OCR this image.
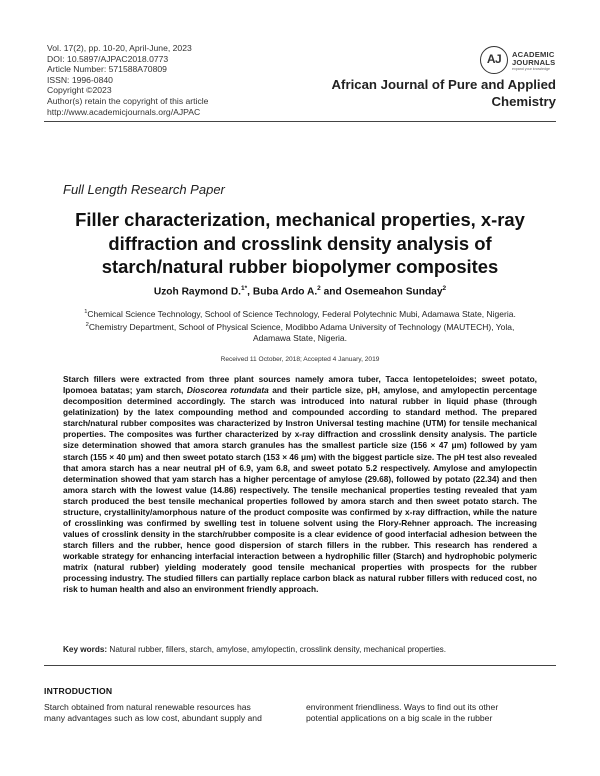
Vol. 17(2), pp. 10-20, April-June, 2023
DOI: 10.5897/AJPAC2018.0773
Article Number: 571588A70809
ISSN: 1996-0840
Copyright ©2023
Author(s) retain the copyright of this article
http://www.academicjournals.org/AJPAC
AJ	ACADEMIC
JOURNALS
expand your knowledge
African Journal of Pure and Applied
Chemistry
Full Length Research Paper
Filler characterization, mechanical properties, x-ray
diffraction and crosslink density analysis of
starch/natural rubber biopolymer composites
Uzoh Raymond D.$^{1*}$, Buba Ardo A.$^2$ and Osemeahon Sunday$^2$
$^1$Chemical Science Technology, School of Science Technology, Federal Polytechnic Mubi, Adamawa State, Nigeria.
$^2$Chemistry Department, School of Physical Science, Modibbo Adama University of Technology (MAUTECH), Yola,
Adamawa State, Nigeria.
Received 11 October, 2018; Accepted 4 January, 2019
Starch fillers were extracted from three plant sources namely amora tuber, Tacca lentopeteloides; sweet potato, Ipomoea batatas; yam starch, Dioscorea rotundata and their particle size, pH, amylose, and amylopectin percentage decomposition determined accordingly. The starch was introduced into natural rubber in liquid phase (through gelatinization) by the latex compounding method and compounded according to standard method. The prepared starch/natural rubber composites was characterized by Instron Universal testing machine (UTM) for tensile mechanical properties. The composites was further characterized by x-ray diffraction and crosslink density analysis. The particle size determination showed that amora starch granules has the smallest particle size (156 × 47 μm) followed by yam starch (155 × 40 μm) and then sweet potato starch (153 × 46 μm) with the biggest particle size. The pH test also revealed that amora starch has a near neutral pH of 6.9, yam 6.8, and sweet potato 5.2 respectively. Amylose and amylopectin determination showed that yam starch has a higher percentage of amylose (29.68), followed by potato (22.34) and then amora starch with the lowest value (14.86) respectively. The tensile mechanical properties testing revealed that yam starch produced the best tensile mechanical properties followed by amora starch and then sweet potato starch. The structure, crystallinity/amorphous nature of the product composite was confirmed by x-ray diffraction, while the nature of crosslinking was confirmed by swelling test in toluene solvent using the Flory-Rehner approach. The increasing values of crosslink density in the starch/rubber composite is a clear evidence of good interfacial adhesion between the starch fillers and the rubber, hence good dispersion of starch fillers in the rubber. This research has rendered a workable strategy for enhancing interfacial interaction between a hydrophilic filler (Starch) and hydrophobic polymeric matrix (natural rubber) yielding moderately good tensile mechanical properties with prospects for the rubber processing industry. The studied fillers can partially replace carbon black as natural rubber fillers with reduced cost, no risk to human health and also an environment friendly approach.
Key words: Natural rubber, fillers, starch, amylose, amylopectin, crosslink density, mechanical properties.
INTRODUCTION
Starch obtained from natural renewable resources has
many advantages such as low cost, abundant supply and
environment friendliness. Ways to find out its other
potential applications on a big scale in the rubber
